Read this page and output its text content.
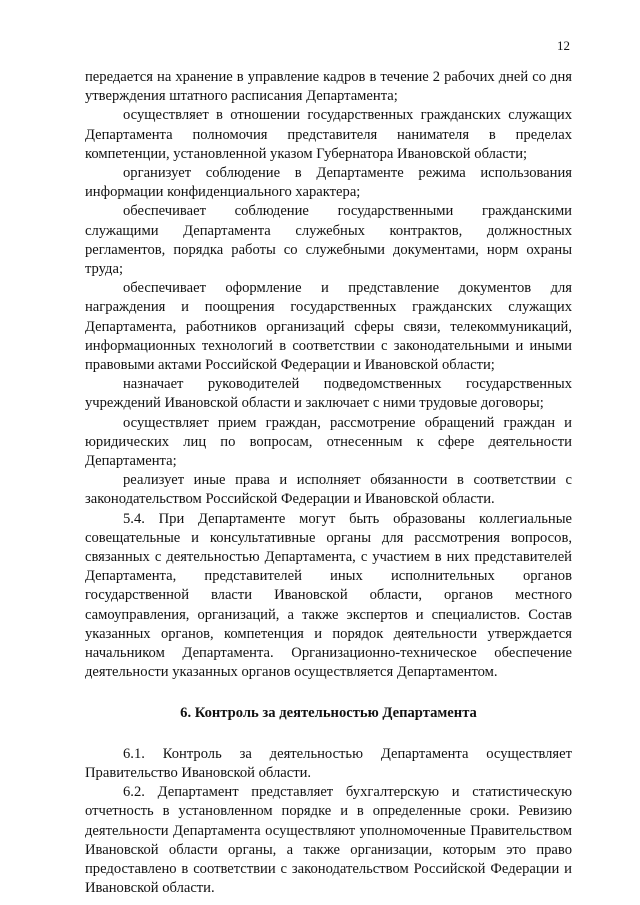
12

передается на хранение в управление кадров в течение 2 рабочих дней со дня утверждения штатного расписания Департамента;

осуществляет в отношении государственных гражданских служащих Департамента полномочия представителя нанимателя в пределах компетенции, установленной указом Губернатора Ивановской области;

организует соблюдение в Департаменте режима использования информации конфиденциального характера;

обеспечивает соблюдение государственными гражданскими служащими Департамента служебных контрактов, должностных регламентов, порядка работы со служебными документами, норм охраны труда;

обеспечивает оформление и представление документов для награждения и поощрения государственных гражданских служащих Департамента, работников организаций сферы связи, телекоммуникаций, информационных технологий в соответствии с законодательными и иными правовыми актами Российской Федерации и Ивановской области;

назначает руководителей подведомственных государственных учреждений Ивановской области и заключает с ними трудовые договоры;

осуществляет прием граждан, рассмотрение обращений граждан и юридических лиц по вопросам, отнесенным к сфере деятельности Департамента;

реализует иные права и исполняет обязанности в соответствии с законодательством Российской Федерации и Ивановской области.

5.4. При Департаменте могут быть образованы коллегиальные совещательные и консультативные органы для рассмотрения вопросов, связанных с деятельностью Департамента, с участием в них представителей Департамента, представителей иных исполнительных органов государственной власти Ивановской области, органов местного самоуправления, организаций, а также экспертов и специалистов. Состав указанных органов, компетенция и порядок деятельности утверждается начальником Департамента. Организационно-техническое обеспечение деятельности указанных органов осуществляется Департаментом.

6. Контроль за деятельностью Департамента

6.1. Контроль за деятельностью Департамента осуществляет Правительство Ивановской области.

6.2. Департамент представляет бухгалтерскую и статистическую отчетность в установленном порядке и в определенные сроки. Ревизию деятельности Департамента осуществляют уполномоченные Правительством Ивановской области органы, а также организации, которым это право предоставлено в соответствии с законодательством Российской Федерации и Ивановской области.
